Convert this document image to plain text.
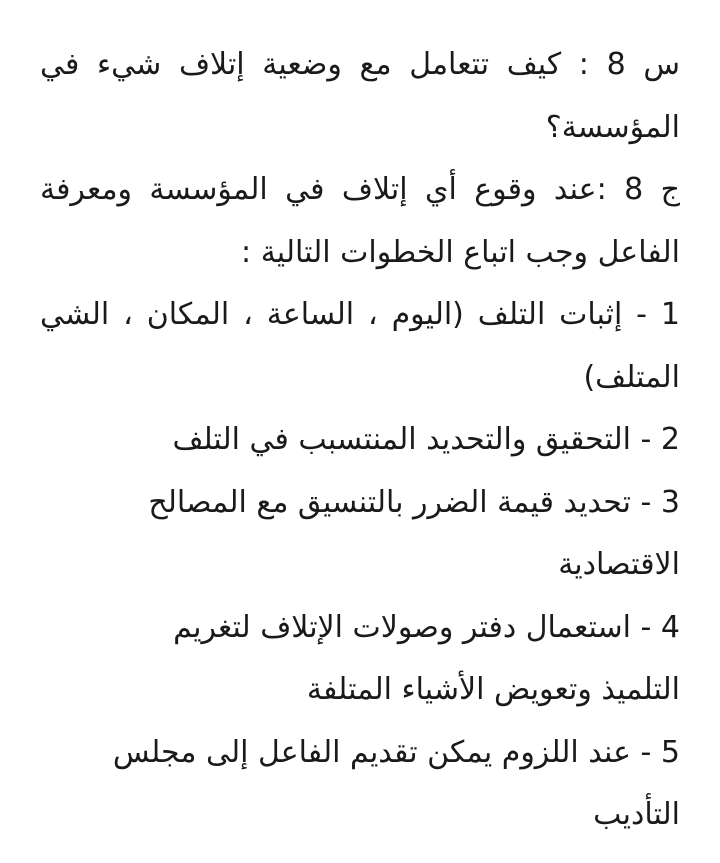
س 8 : كيف تتعامل مع وضعية إتلاف شيء في
المؤسسة؟
ج 8 :عند وقوع أي إتلاف في المؤسسة ومعرفة
الفاعل وجب اتباع الخطوات التالية :
1 - إثبات التلف (اليوم ، الساعة ، المكان ، الشي
المتلف)
2 - التحقيق والتحديد المنتسبب في التلف
3 - تحديد قيمة الضرر بالتنسيق مع المصالح
الاقتصادية
4 - استعمال دفتر وصولات الإتلاف لتغريم
التلميذ وتعويض الأشياء المتلفة
5 - عند اللزوم يمكن تقديم الفاعل إلى مجلس
التأديب
